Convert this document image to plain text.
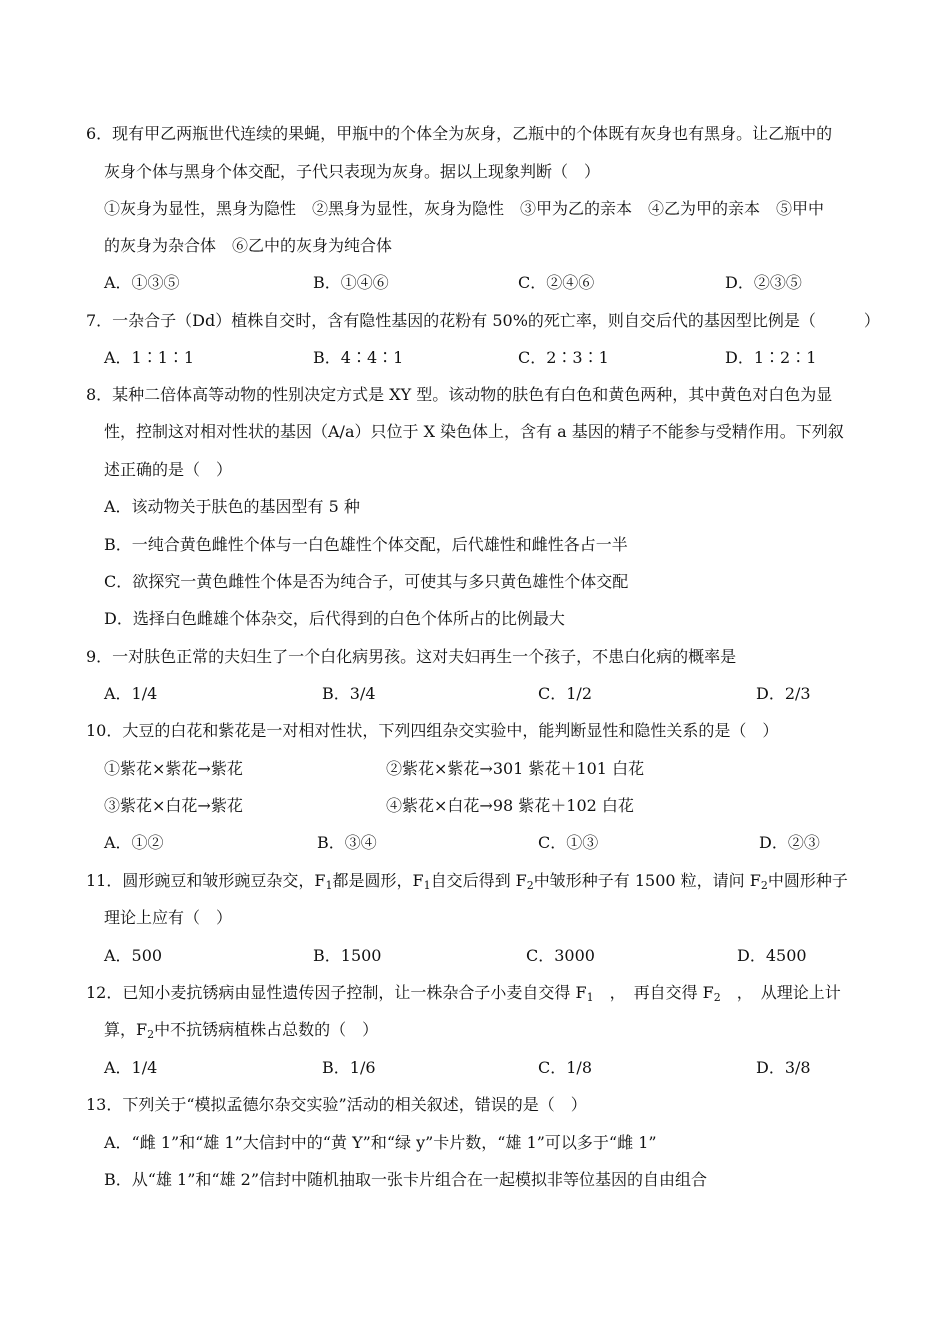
6．现有甲乙两瓶世代连续的果蝇，甲瓶中的个体全为灰身，乙瓶中的个体既有灰身也有黑身。让乙瓶中的
灰身个体与黑身个体交配，子代只表现为灰身。据以上现象判断（　）
①灰身为显性，黑身为隐性　②黑身为显性，灰身为隐性　③甲为乙的亲本　④乙为甲的亲本　⑤甲中
的灰身为杂合体　⑥乙中的灰身为纯合体
A．①③⑤	B．①④⑥	C．②④⑥	D．②③⑤
7．一杂合子（Dd）植株自交时，含有隐性基因的花粉有 50%的死亡率，则自交后代的基因型比例是（　　　）
A．1∶1∶1	B．4∶4∶1	C．2∶3∶1	D．1∶2∶1
8．某种二倍体高等动物的性别决定方式是 XY 型。该动物的肤色有白色和黄色两种，其中黄色对白色为显
性，控制这对相对性状的基因（A/a）只位于 X 染色体上，含有 a 基因的精子不能参与受精作用。下列叙
述正确的是（　）
A．该动物关于肤色的基因型有 5 种
B．一纯合黄色雌性个体与一白色雄性个体交配，后代雄性和雌性各占一半
C．欲探究一黄色雌性个体是否为纯合子，可使其与多只黄色雄性个体交配
D．选择白色雌雄个体杂交，后代得到的白色个体所占的比例最大
9．一对肤色正常的夫妇生了一个白化病男孩。这对夫妇再生一个孩子，不患白化病的概率是
A．1/4	B．3/4	C．1/2	D．2/3
10．大豆的白花和紫花是一对相对性状，下列四组杂交实验中，能判断显性和隐性关系的是（　）
①紫花×紫花→紫花	②紫花×紫花→301 紫花＋101 白花
③紫花×白花→紫花	④紫花×白花→98 紫花＋102 白花
A．①②	B．③④	C．①③	D．②③
11．圆形豌豆和皱形豌豆杂交，$F_1$都是圆形，$F_1$自交后得到 $F_2$中皱形种子有 1500 粒，请问 $F_2$中圆形种子
理论上应有（　）
A．500	B．1500	C．3000	D．4500
12．已知小麦抗锈病由显性遗传因子控制，让一株杂合子小麦自交得 $F_1$　，　再自交得 $F_2$　，　从理论上计
算，$F_2$中不抗锈病植株占总数的（　）
A．1/4	B．1/6	C．1/8	D．3/8
13．下列关于“模拟孟德尔杂交实验”活动的相关叙述，错误的是（　）
A．“雌 1”和“雄 1”大信封中的“黄 Y”和“绿 y”卡片数，“雄 1”可以多于“雌 1”
B．从“雄 1”和“雄 2”信封中随机抽取一张卡片组合在一起模拟非等位基因的自由组合
